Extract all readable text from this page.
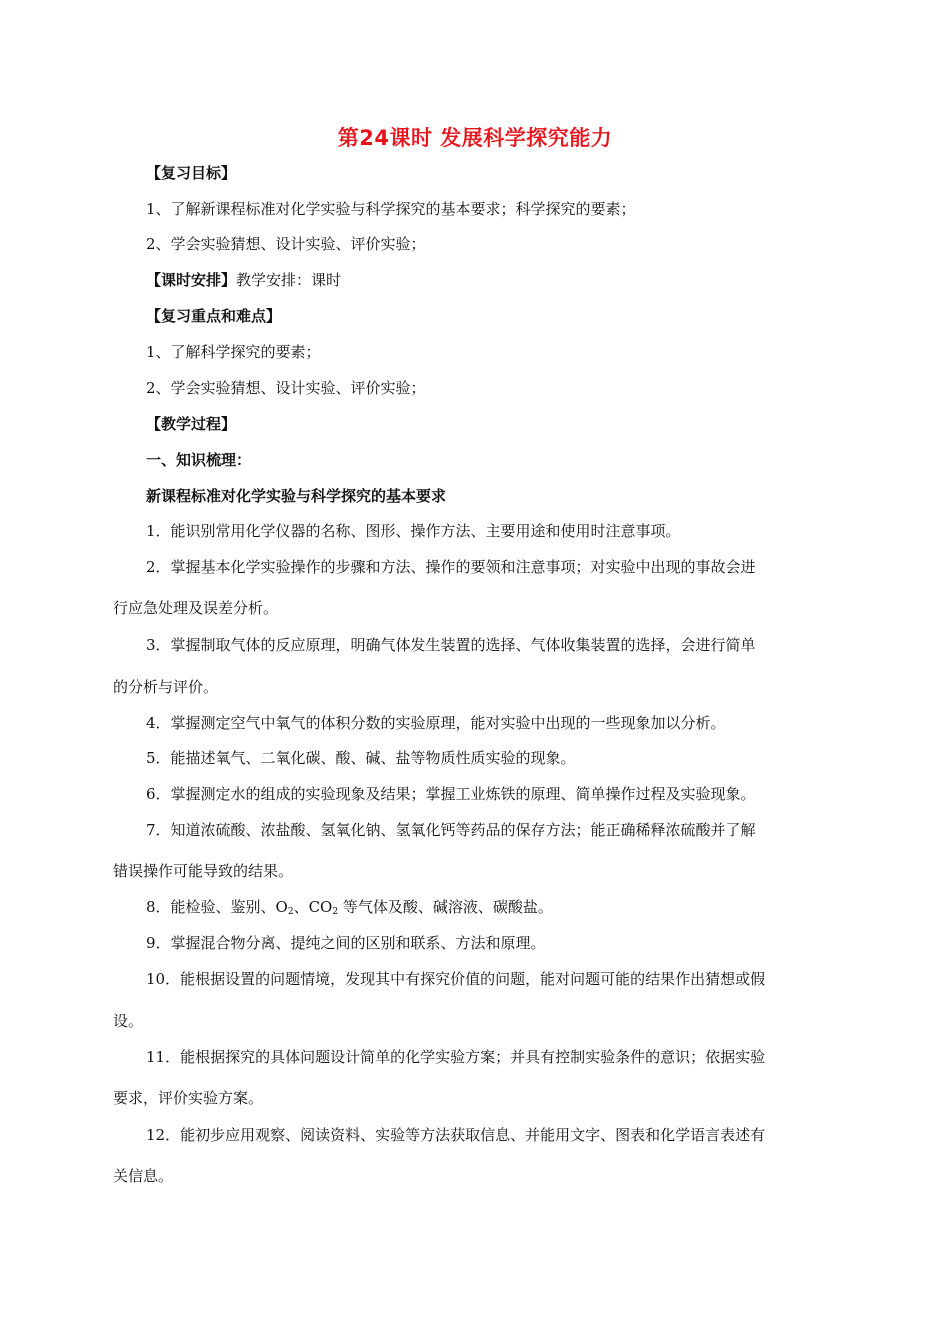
第24课时 发展科学探究能力
【复习目标】
1、了解新课程标准对化学实验与科学探究的基本要求；科学探究的要素；
2、学会实验猜想、设计实验、评价实验；
【课时安排】教学安排：课时
【复习重点和难点】
1、了解科学探究的要素；
2、学会实验猜想、设计实验、评价实验；
【教学过程】
一、知识梳理：
新课程标准对化学实验与科学探究的基本要求
1．能识别常用化学仪器的名称、图形、操作方法、主要用途和使用时注意事项。
2．掌握基本化学实验操作的步骤和方法、操作的要领和注意事项；对实验中出现的事故会进
行应急处理及误差分析。
3．掌握制取气体的反应原理，明确气体发生装置的选择、气体收集装置的选择，会进行简单
的分析与评价。
4．掌握测定空气中氧气的体积分数的实验原理，能对实验中出现的一些现象加以分析。
5．能描述氧气、二氧化碳、酸、碱、盐等物质性质实验的现象。
6．掌握测定水的组成的实验现象及结果；掌握工业炼铁的原理、简单操作过程及实验现象。
7．知道浓硫酸、浓盐酸、氢氧化钠、氢氧化钙等药品的保存方法；能正确稀释浓硫酸并了解
错误操作可能导致的结果。
8．能检验、鉴别、$O_2$、$CO_2$ 等气体及酸、碱溶液、碳酸盐。
9．掌握混合物分离、提纯之间的区别和联系、方法和原理。
10．能根据设置的问题情境，发现其中有探究价值的问题，能对问题可能的结果作出猜想或假
设。
11．能根据探究的具体问题设计简单的化学实验方案；并具有控制实验条件的意识；依据实验
要求，评价实验方案。
12．能初步应用观察、阅读资料、实验等方法获取信息、并能用文字、图表和化学语言表述有
关信息。
